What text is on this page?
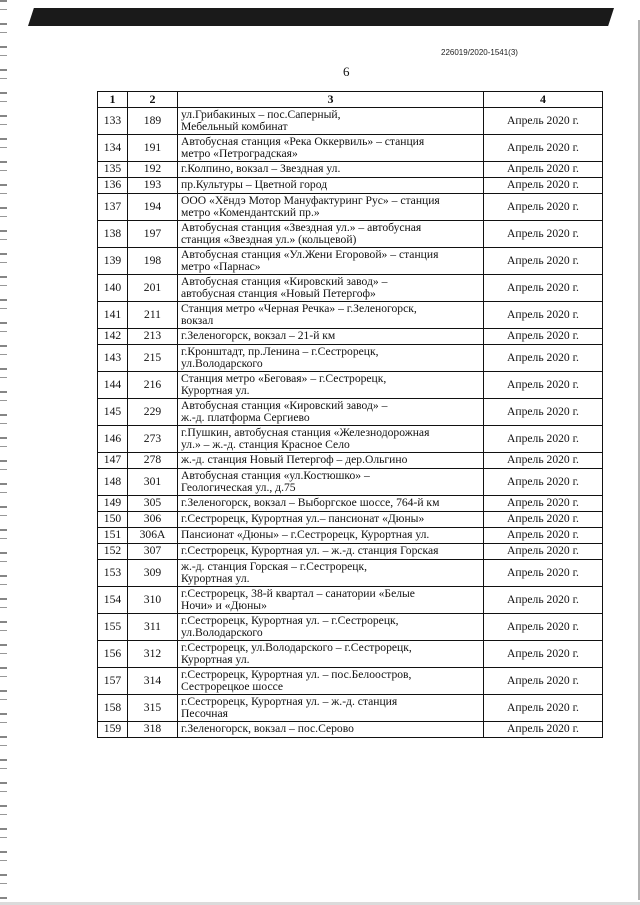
226019/2020-1541(3)
6
1	2	3	4
133	189	ул.Грибакиных – пос.Саперный,
Мебельный комбинат	Апрель 2020 г.
134	191	Автобусная станция «Река Оккервиль» – станция
метро «Петроградская»	Апрель 2020 г.
135	192	г.Колпино, вокзал – Звездная ул.	Апрель 2020 г.
136	193	пр.Культуры – Цветной город	Апрель 2020 г.
137	194	ООО «Хёндэ Мотор Мануфактуринг Рус» – станция
метро «Комендантский пр.»	Апрель 2020 г.
138	197	Автобусная станция «Звездная ул.» – автобусная
станция «Звездная ул.» (кольцевой)	Апрель 2020 г.
139	198	Автобусная станция «Ул.Жени Егоровой» – станция
метро «Парнас»	Апрель 2020 г.
140	201	Автобусная станция «Кировский завод» –
автобусная станция «Новый Петергоф»	Апрель 2020 г.
141	211	Станция метро «Черная Речка» – г.Зеленогорск,
вокзал	Апрель 2020 г.
142	213	г.Зеленогорск, вокзал – 21-й км	Апрель 2020 г.
143	215	г.Кронштадт, пр.Ленина – г.Сестрорецк,
ул.Володарского	Апрель 2020 г.
144	216	Станция метро «Беговая» – г.Сестрорецк,
Курортная ул.	Апрель 2020 г.
145	229	Автобусная станция «Кировский завод» –
ж.-д. платформа Сергиево	Апрель 2020 г.
146	273	г.Пушкин, автобусная станция «Железнодорожная
ул.» – ж.-д. станция Красное Село	Апрель 2020 г.
147	278	ж.-д. станция Новый Петергоф – дер.Ольгино	Апрель 2020 г.
148	301	Автобусная станция «ул.Костюшко» –
Геологическая ул., д.75	Апрель 2020 г.
149	305	г.Зеленогорск, вокзал – Выборгское шоссе, 764-й км	Апрель 2020 г.
150	306	г.Сестрорецк, Курортная ул.– пансионат «Дюны»	Апрель 2020 г.
151	306А	Пансионат «Дюны» – г.Сестрорецк, Курортная ул.	Апрель 2020 г.
152	307	г.Сестрорецк, Курортная ул. – ж.-д. станция Горская	Апрель 2020 г.
153	309	ж.-д. станция Горская – г.Сестрорецк,
Курортная ул.	Апрель 2020 г.
154	310	г.Сестрорецк, 38-й квартал – санатории «Белые
Ночи» и «Дюны»	Апрель 2020 г.
155	311	г.Сестрорецк, Курортная ул. – г.Сестрорецк,
ул.Володарского	Апрель 2020 г.
156	312	г.Сестрорецк, ул.Володарского – г.Сестрорецк,
Курортная ул.	Апрель 2020 г.
157	314	г.Сестрорецк, Курортная ул. – пос.Белоостров,
Сестрорецкое шоссе	Апрель 2020 г.
158	315	г.Сестрорецк, Курортная ул. – ж.-д. станция
Песочная	Апрель 2020 г.
159	318	г.Зеленогорск, вокзал – пос.Серово	Апрель 2020 г.
